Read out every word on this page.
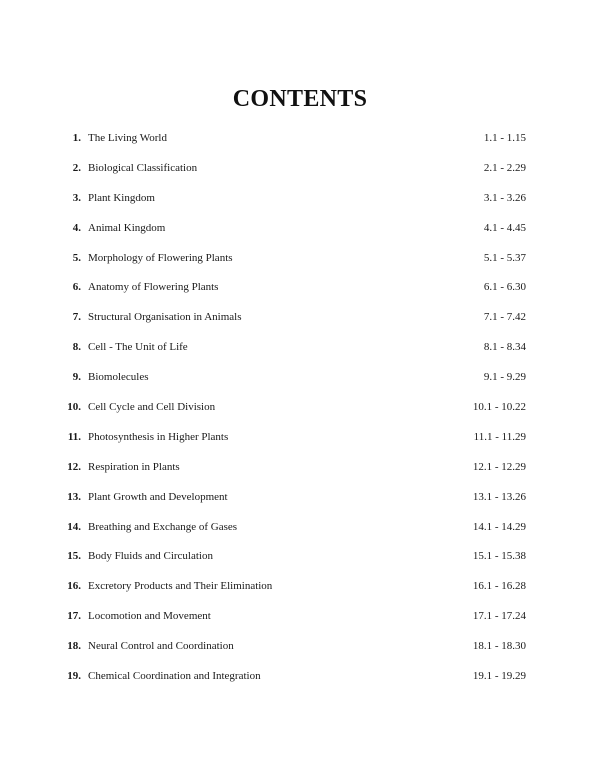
CONTENTS
1. The Living World	1.1 - 1.15
2. Biological Classification	2.1 - 2.29
3. Plant Kingdom	3.1 - 3.26
4. Animal Kingdom	4.1 - 4.45
5. Morphology of Flowering Plants	5.1 - 5.37
6. Anatomy of Flowering Plants	6.1 - 6.30
7. Structural Organisation in Animals	7.1 - 7.42
8. Cell - The Unit of Life	8.1 - 8.34
9. Biomolecules	9.1 - 9.29
10. Cell Cycle and Cell Division	10.1 - 10.22
11. Photosynthesis in Higher Plants	11.1 - 11.29
12. Respiration in Plants	12.1 - 12.29
13. Plant Growth and Development	13.1 - 13.26
14. Breathing and Exchange of Gases	14.1 - 14.29
15. Body Fluids and Circulation	15.1 - 15.38
16. Excretory Products and Their Elimination	16.1 - 16.28
17. Locomotion and Movement	17.1 - 17.24
18. Neural Control and Coordination	18.1 - 18.30
19. Chemical Coordination and Integration	19.1 - 19.29
